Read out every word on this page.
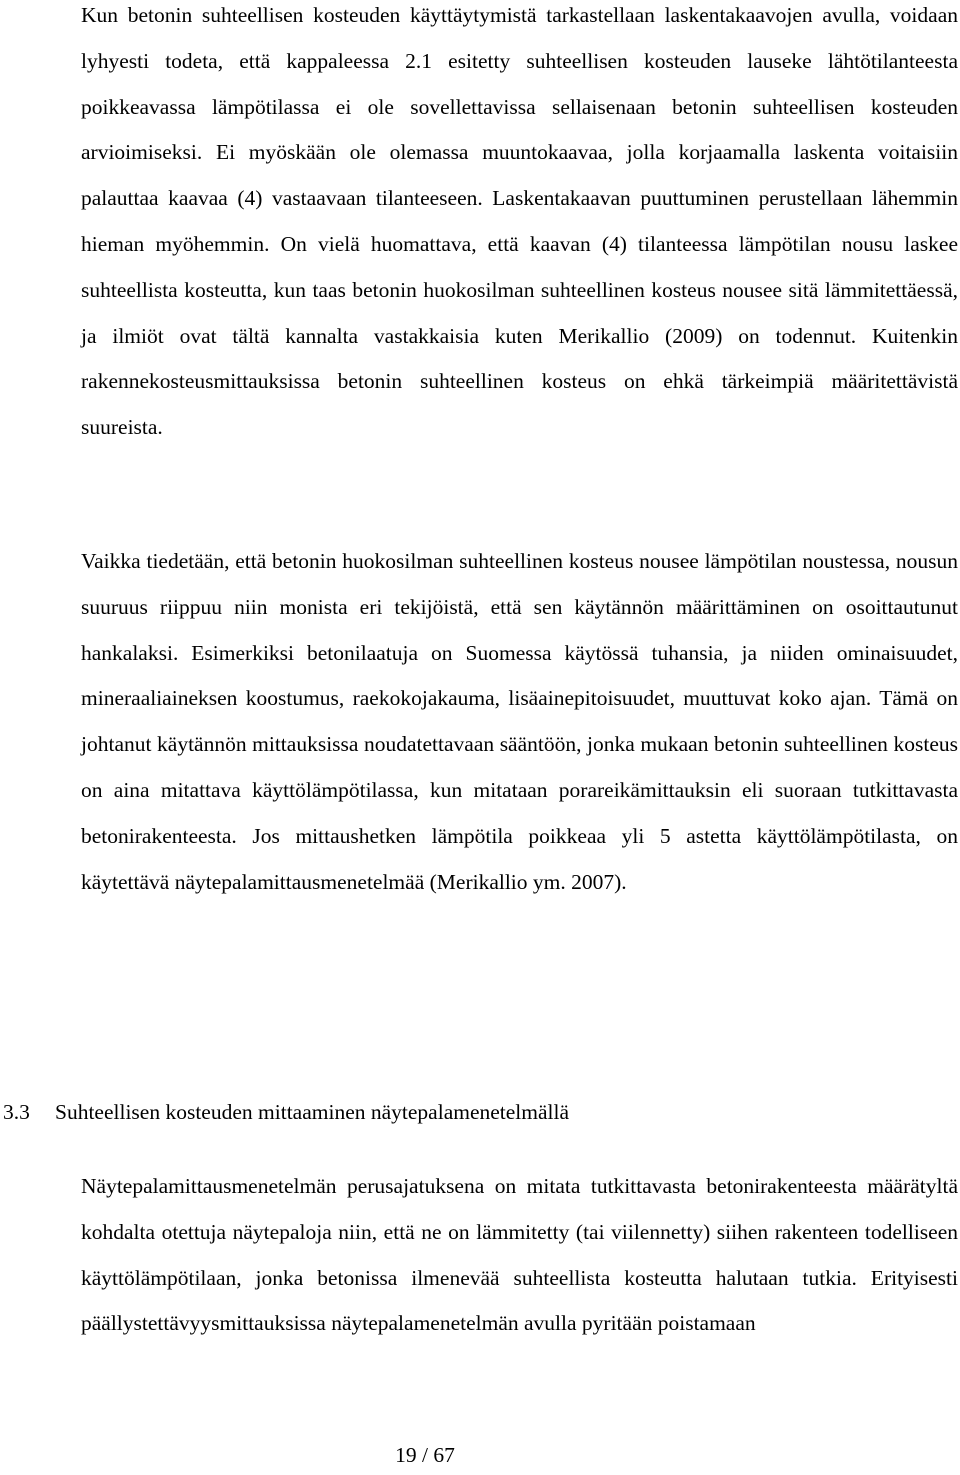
Kun betonin suhteellisen kosteuden käyttäytymistä tarkastellaan laskentakaavojen avulla, voidaan lyhyesti todeta, että kappaleessa 2.1 esitetty suhteellisen kosteuden lauseke lähtötilanteesta poikkeavassa lämpötilassa ei ole sovellettavissa sellaisenaan betonin suhteellisen kosteuden arvioimiseksi. Ei myöskään ole olemassa muuntokaavaa, jolla korjaamalla laskenta voitaisiin palauttaa kaavaa (4) vastaavaan tilanteeseen. Laskentakaavan puuttuminen perustellaan lähemmin hieman myöhemmin. On vielä huomattava, että kaavan (4) tilanteessa lämpötilan nousu laskee suhteellista kosteutta, kun taas betonin huokosilman suhteellinen kosteus nousee sitä lämmitettäessä, ja ilmiöt ovat tältä kannalta vastakkaisia kuten Merikallio (2009) on todennut. Kuitenkin rakennekosteusmittauksissa betonin suhteellinen kosteus on ehkä tärkeimpiä määritettävistä suureista.

Vaikka tiedetään, että betonin huokosilman suhteellinen kosteus nousee lämpötilan noustessa, nousun suuruus riippuu niin monista eri tekijöistä, että sen käytännön määrittäminen on osoittautunut hankalaksi. Esimerkiksi betonilaatuja on Suomessa käytössä tuhansia, ja niiden ominaisuudet, mineraaliaineksen koostumus, raekokojakauma, lisäainepitoisuudet, muuttuvat koko ajan. Tämä on johtanut käytännön mittauksissa noudatettavaan sääntöön, jonka mukaan betonin suhteellinen kosteus on aina mitattava käyttölämpötilassa, kun mitataan porareikämittauksin eli suoraan tutkittavasta betonirakenteesta. Jos mittaushetken lämpötila poikkeaa yli 5 astetta käyttölämpötilasta, on käytettävä näytepalamittausmenetelmää (Merikallio ym. 2007).

3.3 Suhteellisen kosteuden mittaaminen näytepalamenetelmällä

Näytepalamittausmenetelmän perusajatuksena on mitata tutkittavasta betonirakenteesta määrätyltä kohdalta otettuja näytepaloja niin, että ne on lämmitetty (tai viilennetty) siihen rakenteen todelliseen käyttölämpötilaan, jonka betonissa ilmenevää suhteellista kosteutta halutaan tutkia. Erityisesti päällystettävyysmittauksissa näytepalamenetelmän avulla pyritään poistamaan

19 / 67
